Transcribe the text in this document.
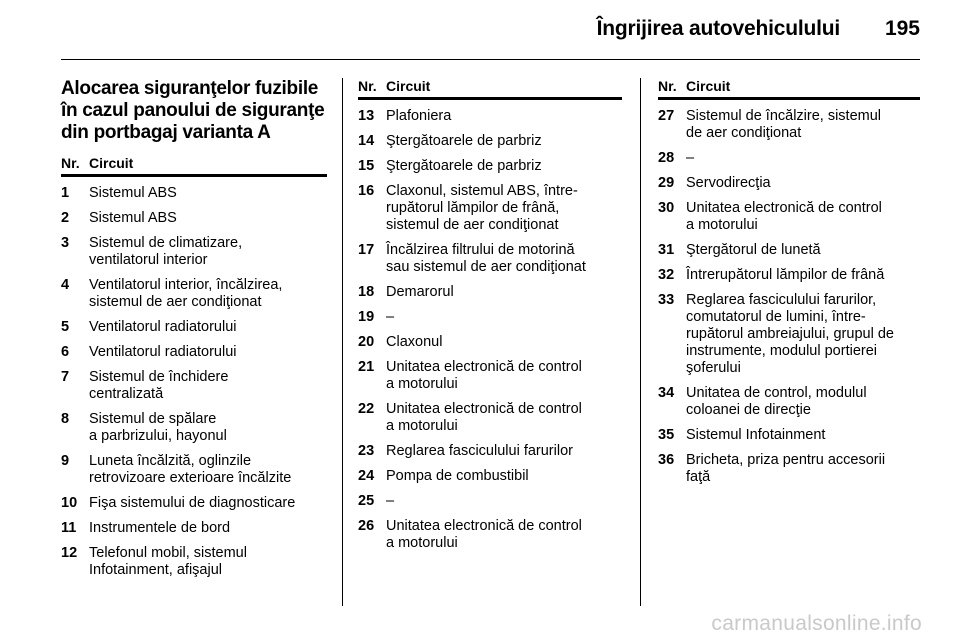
Îngrijirea autovehiculului 195
Alocarea siguranţelor fuzibile în cazul panoului de siguranţe din portbagaj varianta A
Nr. Circuit
1	Sistemul ABS
2	Sistemul ABS
3	Sistemul de climatizare,
ventilatorul interior
4	Ventilatorul interior, încălzirea,
sistemul de aer condiţionat
5	Ventilatorul radiatorului
6	Ventilatorul radiatorului
7	Sistemul de închidere
centralizată
8	Sistemul de spălare
a parbrizului, hayonul
9	Luneta încălzită, oglinzile
retrovizoare exterioare încălzite
10 Fişa sistemului de diagnosticare
11 Instrumentele de bord
12 Telefonul mobil, sistemul
Infotainment, afişajul
Nr. Circuit
13 Plafoniera
14 Ştergătoarele de parbriz
15 Ştergătoarele de parbriz
16 Claxonul, sistemul ABS, între-
rupătorul lămpilor de frână,
sistemul de aer condiţionat
17 Încălzirea filtrului de motorină
sau sistemul de aer condiţionat
18 Demarorul
19 –
20 Claxonul
21 Unitatea electronică de control
a motorului
22 Unitatea electronică de control
a motorului
23 Reglarea fasciculului farurilor
24 Pompa de combustibil
25 –
26 Unitatea electronică de control
a motorului
Nr. Circuit
27 Sistemul de încălzire, sistemul
de aer condiţionat
28 –
29 Servodirecţia
30 Unitatea electronică de control
a motorului
31 Ştergătorul de lunetă
32 Întrerupătorul lămpilor de frână
33 Reglarea fasciculului farurilor,
comutatorul de lumini, între-
rupătorul ambreiajului, grupul de
instrumente, modulul portierei
şoferului
34 Unitatea de control, modulul
coloanei de direcţie
35 Sistemul Infotainment
36 Bricheta, priza pentru accesorii
faţă
carmanualsonline.info
